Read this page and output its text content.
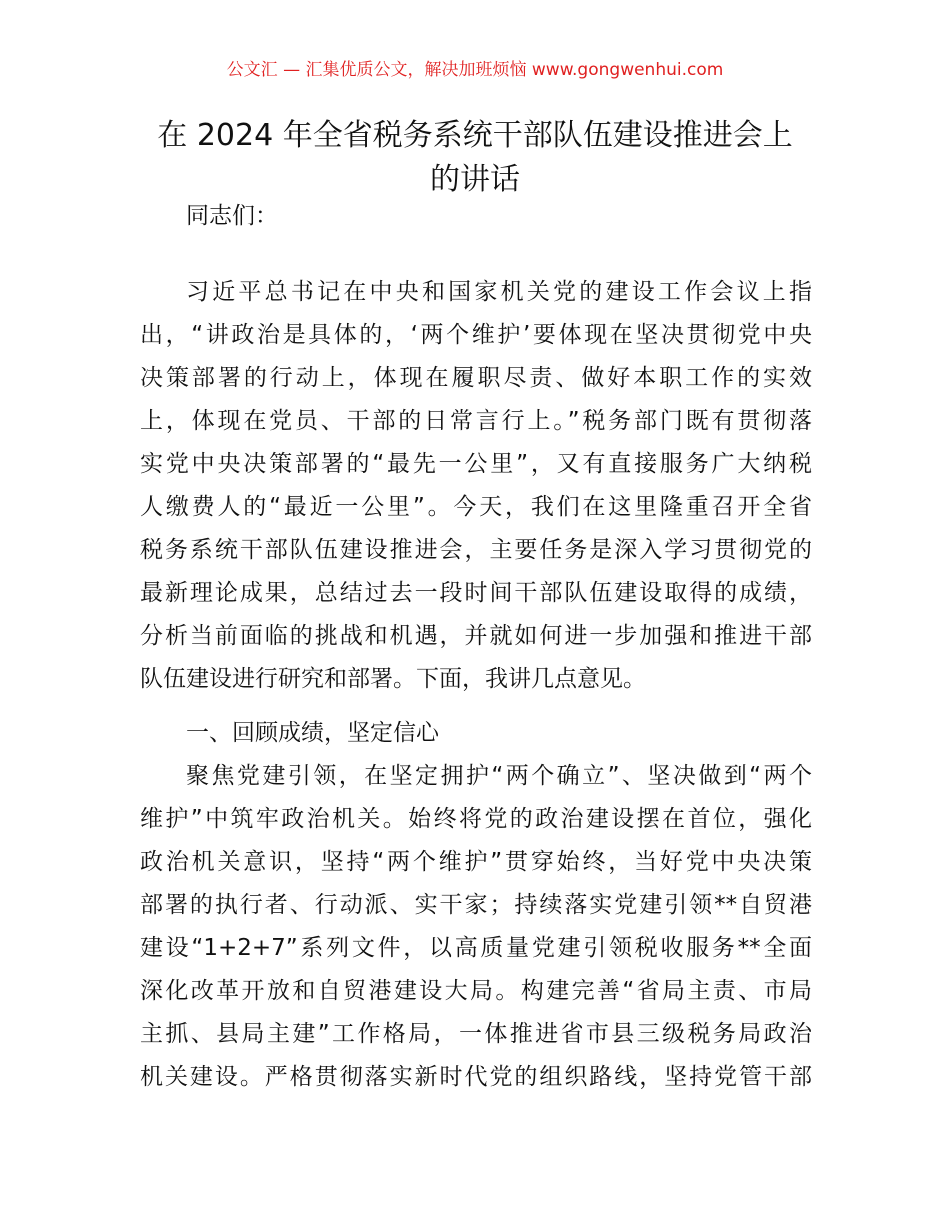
公文汇 — 汇集优质公文，解决加班烦恼 www.gongwenhui.com
在 2024 年全省税务系统干部队伍建设推进会上
的讲话
同志们：
习近平总书记在中央和国家机关党的建设工作会议上指
出，“讲政治是具体的，‘两个维护’要体现在坚决贯彻党中央
决策部署的行动上，体现在履职尽责、做好本职工作的实效
上，体现在党员、干部的日常言行上。”税务部门既有贯彻落
实党中央决策部署的“最先一公里”，又有直接服务广大纳税
人缴费人的“最近一公里”。今天，我们在这里隆重召开全省
税务系统干部队伍建设推进会，主要任务是深入学习贯彻党的
最新理论成果，总结过去一段时间干部队伍建设取得的成绩，
分析当前面临的挑战和机遇，并就如何进一步加强和推进干部
队伍建设进行研究和部署。下面，我讲几点意见。
一、回顾成绩，坚定信心
聚焦党建引领，在坚定拥护“两个确立”、坚决做到“两个
维护”中筑牢政治机关。始终将党的政治建设摆在首位，强化
政治机关意识，坚持“两个维护”贯穿始终，当好党中央决策
部署的执行者、行动派、实干家；持续落实党建引领**自贸港
建设“1+2+7”系列文件，以高质量党建引领税收服务**全面
深化改革开放和自贸港建设大局。构建完善“省局主责、市局
主抓、县局主建”工作格局，一体推进省市县三级税务局政治
机关建设。严格贯彻落实新时代党的组织路线，坚持党管干部
